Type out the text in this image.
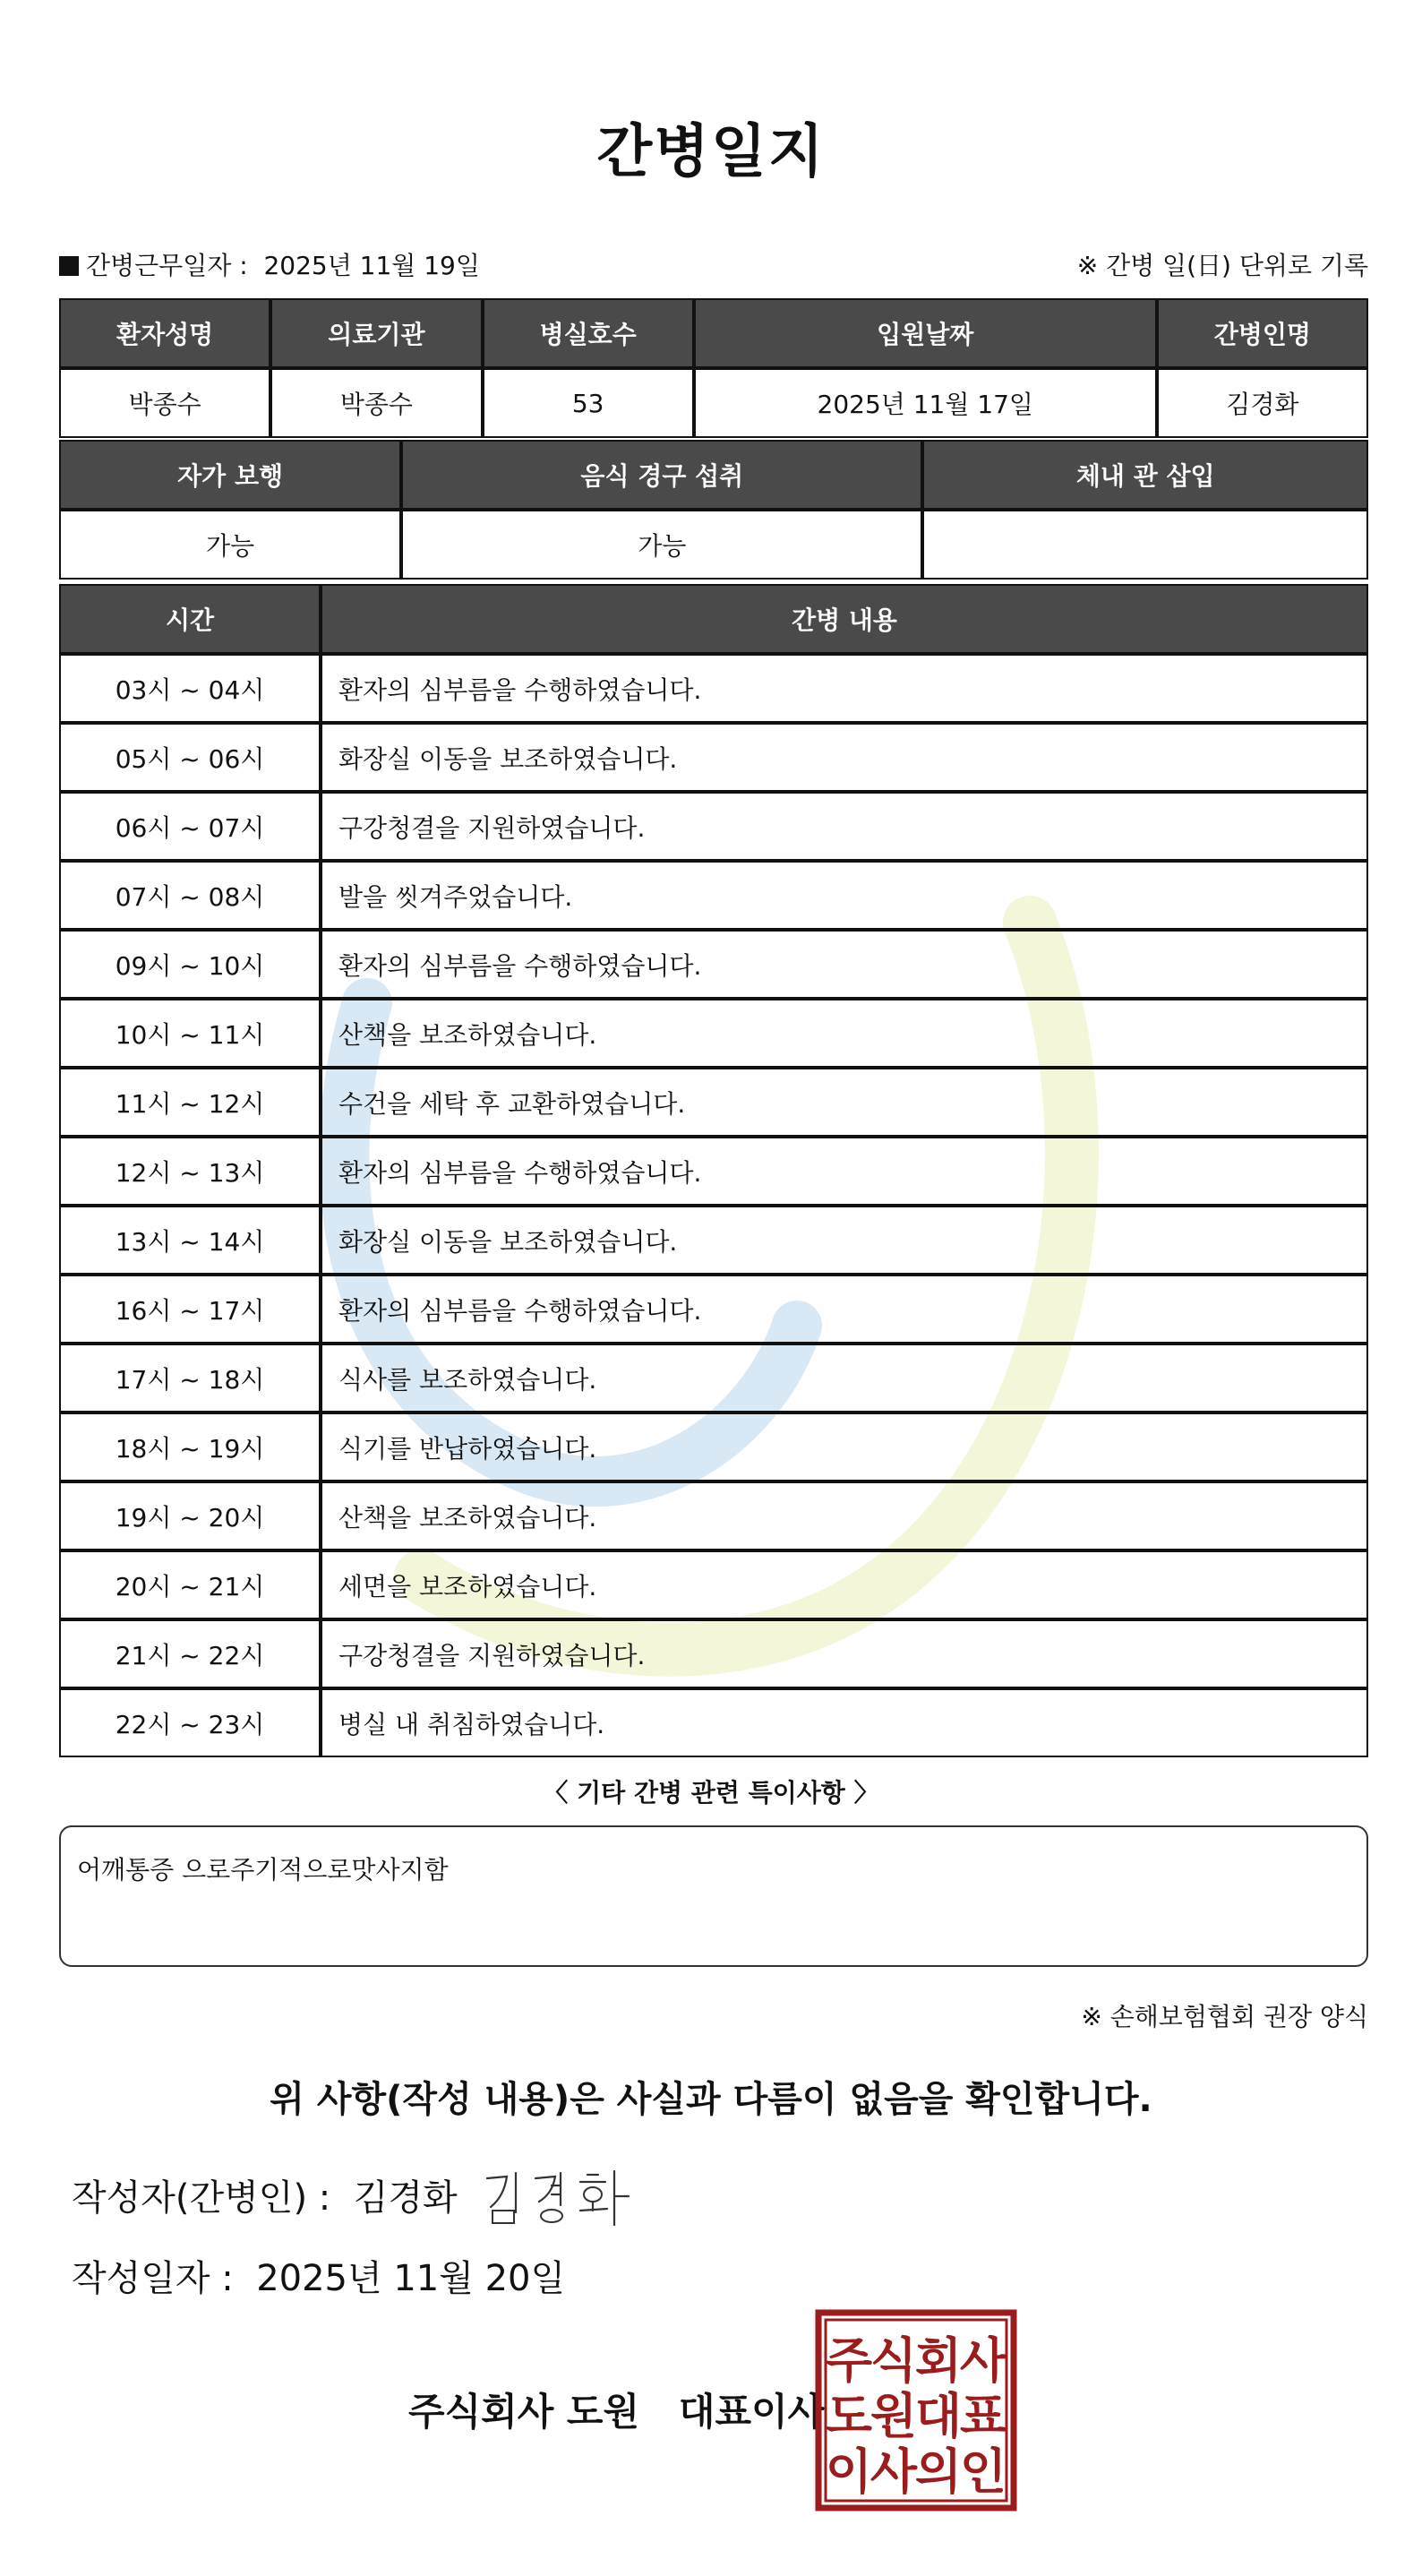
간병일지
간병근무일자 : 2025년 11월 19일	※ 간병 일(日) 단위로 기록
환자성명	의료기관	병실호수	입원날짜	간병인명
박종수	박종수	53	2025년 11월 17일	김경화
자가 보행	음식 경구 섭취	체내 관 삽입
가능	가능	
시간	간병 내용
03시 ~ 04시	환자의 심부름을 수행하였습니다.
05시 ~ 06시	화장실 이동을 보조하였습니다.
06시 ~ 07시	구강청결을 지원하였습니다.
07시 ~ 08시	발을 씻겨주었습니다.
09시 ~ 10시	환자의 심부름을 수행하였습니다.
10시 ~ 11시	산책을 보조하였습니다.
11시 ~ 12시	수건을 세탁 후 교환하였습니다.
12시 ~ 13시	환자의 심부름을 수행하였습니다.
13시 ~ 14시	화장실 이동을 보조하였습니다.
16시 ~ 17시	환자의 심부름을 수행하였습니다.
17시 ~ 18시	식사를 보조하였습니다.
18시 ~ 19시	식기를 반납하였습니다.
19시 ~ 20시	산책을 보조하였습니다.
20시 ~ 21시	세면을 보조하였습니다.
21시 ~ 22시	구강청결을 지원하였습니다.
22시 ~ 23시	병실 내 취침하였습니다.
〈 기타 간병 관련 특이사항 〉
어깨통증 으로주기적으로맛사지함
※ 손해보험협회 권장 양식
위 사항(작성 내용)은 사실과 다름이 없음을 확인합니다.
작성자(간병인) : 김경화
작성일자 : 2025년 11월 20일
주식회사 도원   대표이사
주
식
회
사
도
원
대
표
이
사
의
인
